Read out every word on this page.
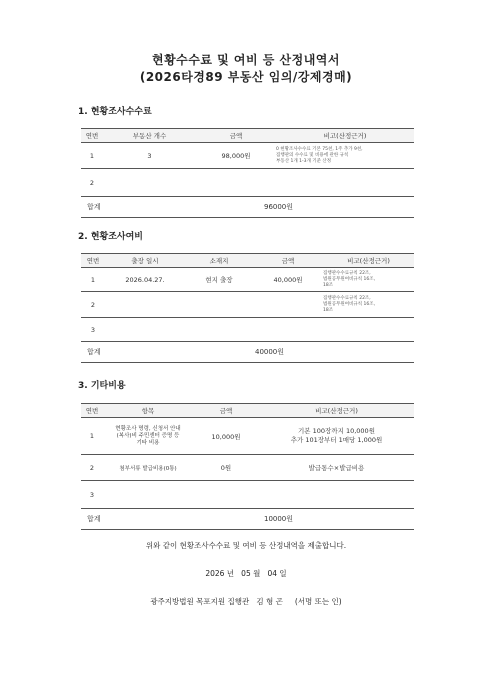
현황수수료 및 여비 등 산정내역서
(2026타경89 부동산 임의/강제경매)
1. 현황조사수수료
연번	부동산 개수	금액	비고(산정근거)
1	3	98,000원	0 현황조사수수료 기본 75천, 1주 추가 9천,
집행관의 수수료 및 비용에 관한 규칙
부동산 1개 1-3개 기준 산정
2			
합계	96000원		
2. 현황조사여비
연번	출장 일시	소재지	금액	비고(산정근거)
1	2026.04.27.	현지 출장	40,000원	집행관수수료규칙 22조,
법원공무원여비규칙 16조,
18조
2				집행관수수료규칙 22조,
법원공무원여비규칙 16조,
18조
3				
합계	40000원			
3. 기타비용
연번	항목	금액	비고(산정근거)
1	현황조사 명령, 신청서 안내
(복사)비 주민센터 증명 등
기타 비용	10,000원	기본 100장까지 10,000원
추가 101장부터 1매당 1,000원
2	첨부서류 발급비용(0통)	0원	발급통수×발급비용
3			
합계	10000원		
위와 같이 현황조사수수료 및 여비 등 산정내역을 제출합니다.
2026 년   05 월   04 일
광주지방법원 목포지원 집행관   김 형 곤     (서명 또는 인)
